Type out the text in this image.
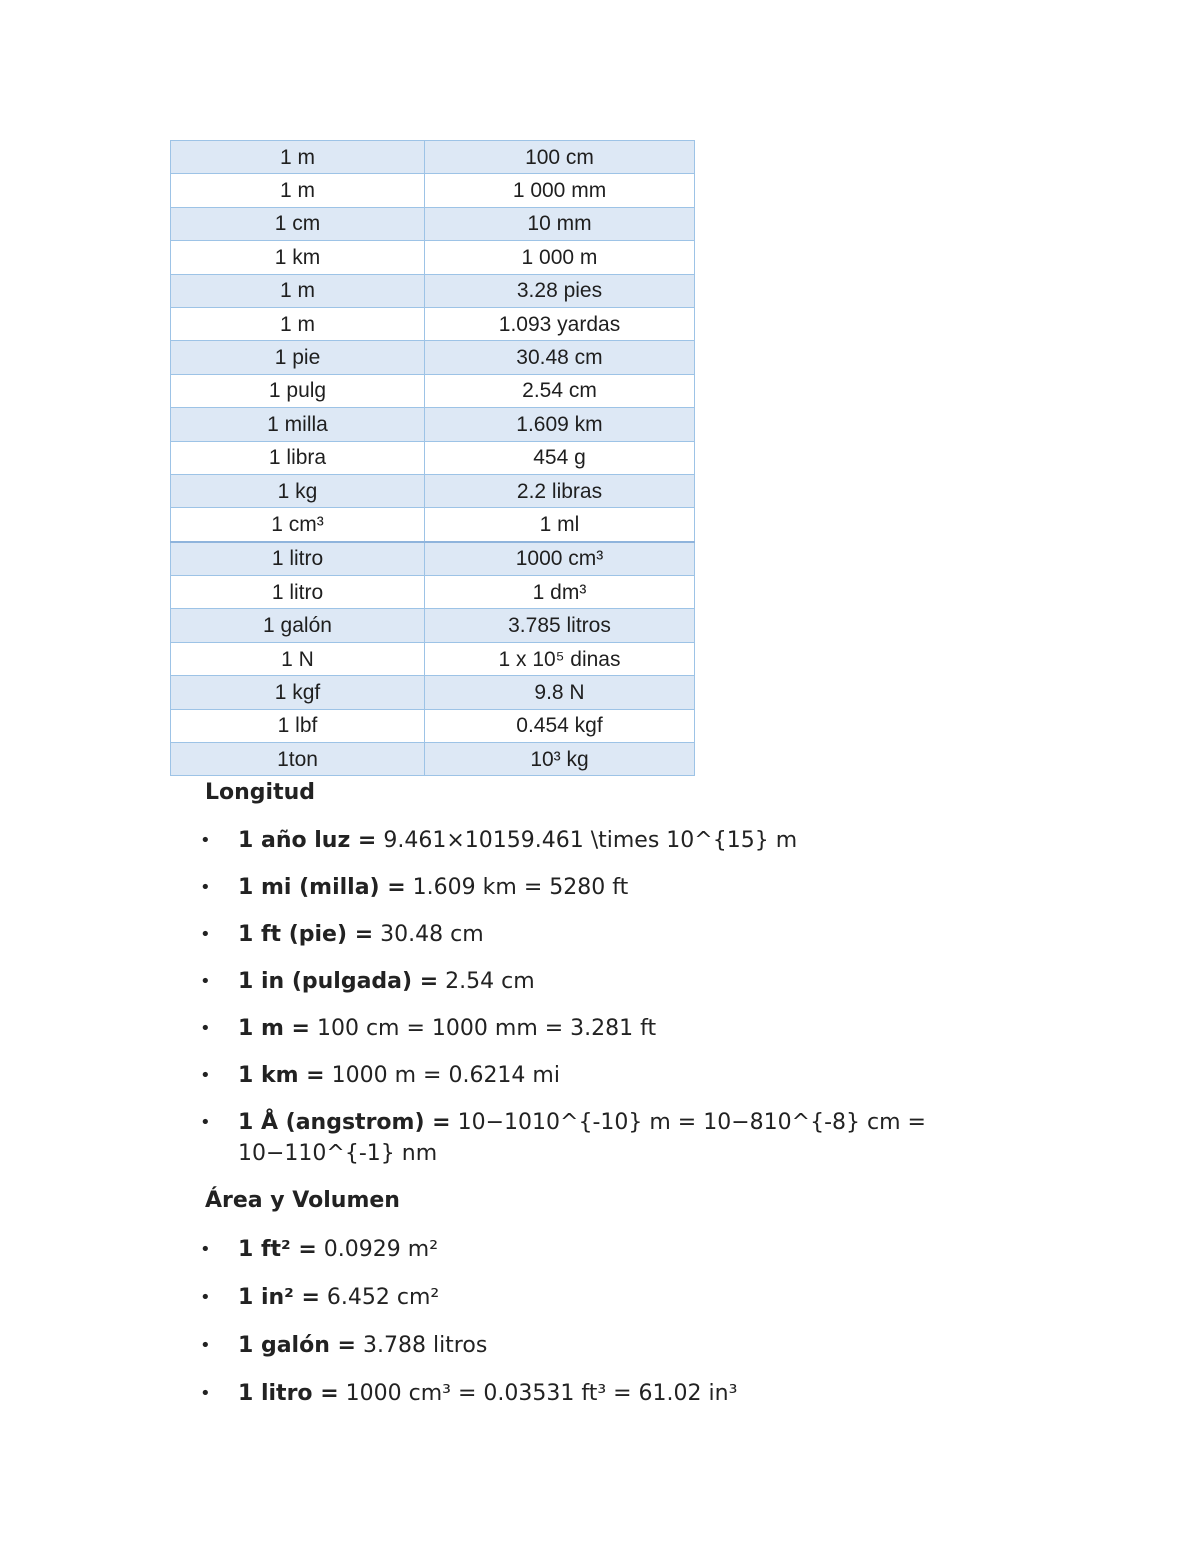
1 m	100 cm
1 m	1 000 mm
1 cm	10 mm
1 km	1 000 m
1 m	3.28 pies
1 m	1.093 yardas
1 pie	30.48 cm
1 pulg	2.54 cm
1 milla	1.609 km
1 libra	454 g
1 kg	2.2 libras
1 cm³	1 ml
1 litro	1000 cm³
1 litro	1 dm³
1 galón	3.785 litros
1 N	1 x 10⁵ dinas
1 kgf	9.8 N
1 lbf	0.454 kgf
1ton	10³ kg
Longitud
• 1 año luz = 9.461×10159.461 \times 10^{15} m
• 1 mi (milla) = 1.609 km = 5280 ft
• 1 ft (pie) = 30.48 cm
• 1 in (pulgada) = 2.54 cm
• 1 m = 100 cm = 1000 mm = 3.281 ft
• 1 km = 1000 m = 0.6214 mi
• 1 Å (angstrom) = 10−1010^{-10} m = 10−810^{-8} cm = 10−110^{-1} nm
Área y Volumen
• 1 ft² = 0.0929 m²
• 1 in² = 6.452 cm²
• 1 galón = 3.788 litros
• 1 litro = 1000 cm³ = 0.03531 ft³ = 61.02 in³
